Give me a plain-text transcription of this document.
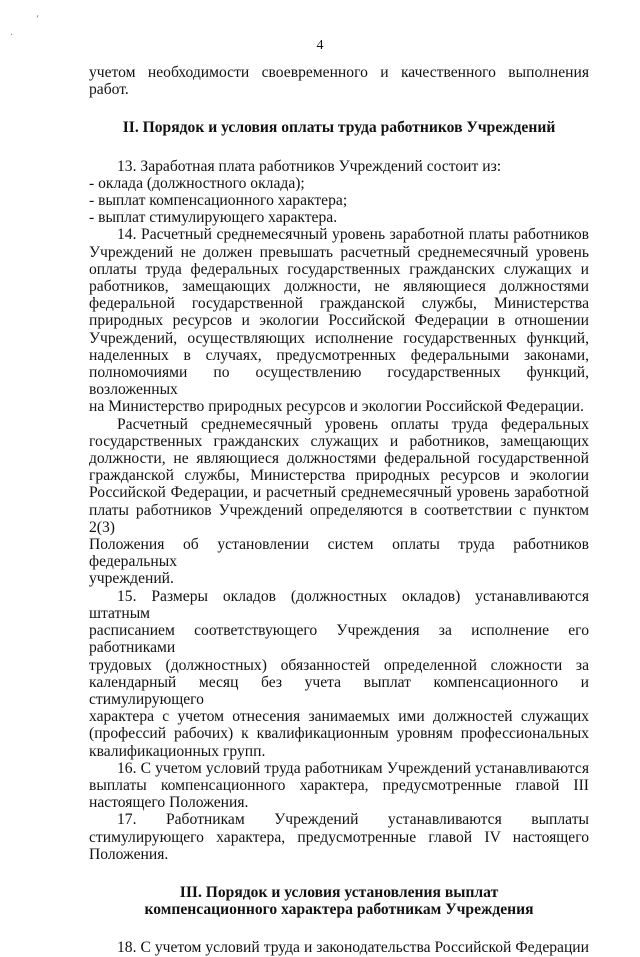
‘
·
4

учетом необходимости своевременного и качественного выполнения работ.

II. Порядок и условия оплаты труда работников Учреждений

13. Заработная плата работников Учреждений состоит из:

- оклада (должностного оклада);

- выплат компенсационного характера;

- выплат стимулирующего характера.

14. Расчетный среднемесячный уровень заработной платы работников

Учреждений не должен превышать расчетный среднемесячный уровень

оплаты труда федеральных государственных гражданских служащих и

работников, замещающих должности, не являющиеся должностями

федеральной государственной гражданской службы, Министерства

природных ресурсов и экологии Российской Федерации в отношении

Учреждений, осуществляющих исполнение государственных функций,

наделенных в случаях, предусмотренных федеральными законами,

полномочиями по осуществлению государственных функций, возложенных

на Министерство природных ресурсов и экологии Российской Федерации.

Расчетный среднемесячный уровень оплаты труда федеральных

государственных гражданских служащих и работников, замещающих

должности, не являющиеся должностями федеральной государственной

гражданской службы, Министерства природных ресурсов и экологии

Российской Федерации, и расчетный среднемесячный уровень заработной

платы работников Учреждений определяются в соответствии с пунктом 2(3)

Положения об установлении систем оплаты труда работников федеральных

учреждений.

15. Размеры окладов (должностных окладов) устанавливаются штатным

расписанием соответствующего Учреждения за исполнение его работниками

трудовых (должностных) обязанностей определенной сложности за

календарный месяц без учета выплат компенсационного и стимулирующего

характера с учетом отнесения занимаемых ими должностей служащих

(профессий рабочих) к квалификационным уровням профессиональных

квалификационных групп.

16. С учетом условий труда работникам Учреждений устанавливаются

выплаты компенсационного характера, предусмотренные главой III

настоящего Положения.

17. Работникам Учреждений устанавливаются выплаты

стимулирующего характера, предусмотренные главой IV настоящего

Положения.

III. Порядок и условия установления выплат

компенсационного характера работникам Учреждения

18. С учетом условий труда и законодательства Российской Федерации
